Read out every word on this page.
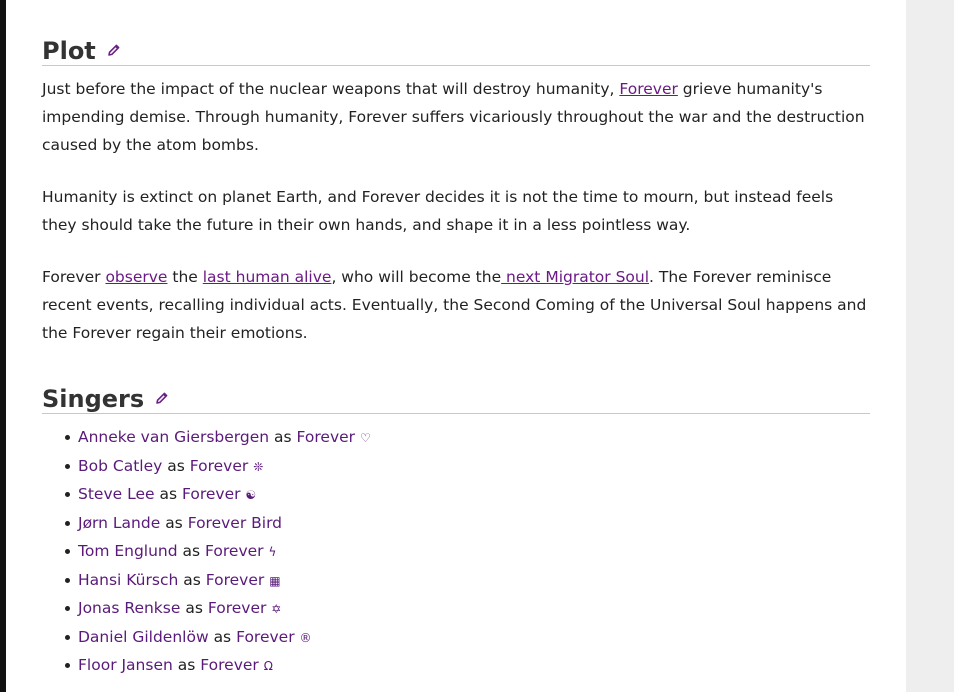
Plot

Just before the impact of the nuclear weapons that will destroy humanity, Forever grieve humanity's impending demise. Through humanity, Forever suffers vicariously throughout the war and the destruction caused by the atom bombs.

Humanity is extinct on planet Earth, and Forever decides it is not the time to mourn, but instead feels they should take the future in their own hands, and shape it in a less pointless way.

Forever observe the last human alive, who will become the next Migrator Soul. The Forever reminisce recent events, recalling individual acts. Eventually, the Second Coming of the Universal Soul happens and the Forever regain their emotions.

Singers
Anneke van Giersbergen as Forever ♡
Bob Catley as Forever ❊
Steve Lee as Forever ☯
Jørn Lande as Forever Bird
Tom Englund as Forever ϟ
Hansi Kürsch as Forever ▦
Jonas Renkse as Forever ✡
Daniel Gildenlöw as Forever ®
Floor Jansen as Forever Ω
